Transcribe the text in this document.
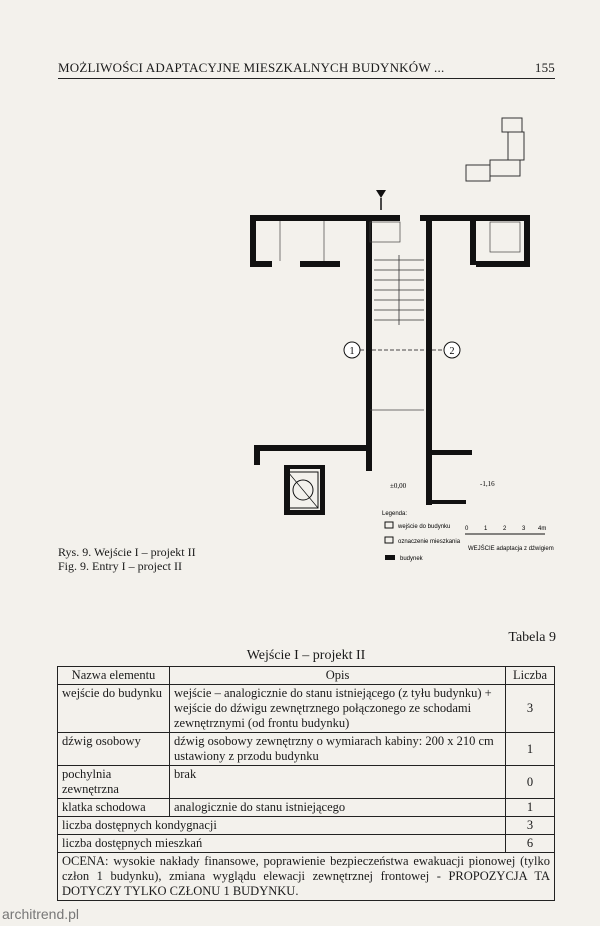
MOŻLIWOŚCI ADAPTACYJNE MIESZKALNYCH BUDYNKÓW ...	155
1	2
±0,00	-1,16
Legenda:
wejście do budynku
oznaczenie mieszkania
budynek
0	1	2	3 4m
WEJŚCIE adaptacja z dźwigiem
Rys. 9. Wejście I – projekt II
Fig. 9. Entry I – project II
Tabela 9
Wejście I – projekt II
Nazwa elementu	Opis	Liczba
wejście do budynku	wejście – analogicznie do stanu istniejącego (z tyłu budynku) + wejście do dźwigu zewnętrznego połączonego ze schodami zewnętrznymi (od frontu budynku)	3
dźwig osobowy	dźwig osobowy zewnętrzny o wymiarach kabiny: 200 x 210 cm ustawiony z przodu budynku	1
pochylnia zewnętrzna	brak	0
klatka schodowa	analogicznie do stanu istniejącego	1
liczba dostępnych kondygnacji		3
liczba dostępnych mieszkań		6
OCENA: wysokie nakłady finansowe, poprawienie bezpieczeństwa ewakuacji pionowej (tylko człon 1 budynku), zmiana wyglądu elewacji zewnętrznej frontowej - PROPOZYCJA TA DOTYCZY TYLKO CZŁONU 1 BUDYNKU.		
architrend.pl
